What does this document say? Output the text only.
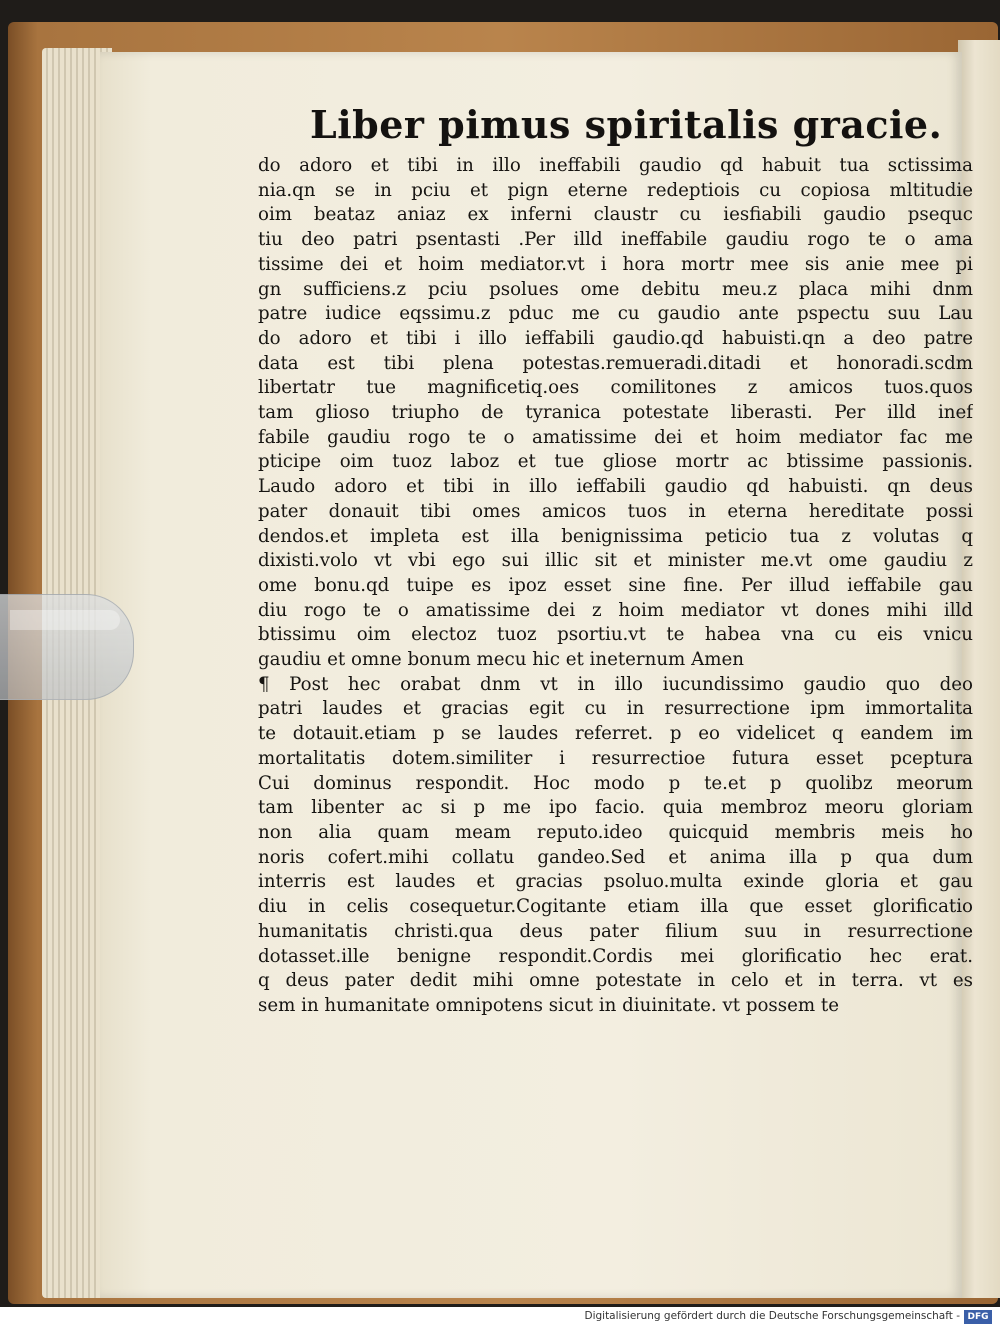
Liber pimus spiritalis gracie.
do adoro et tibi in illo ineffabili gaudio qd habuit tua sctissima
nia.qn se in pciu et pign eterne redeptiois cu copiosa mltitudie
oim beataz aniaz ex inferni claustr cu iesfiabili gaudio psequc
tiu deo patri psentasti .Per illd ineffabile gaudiu rogo te o ama
tissime dei et hoim mediator.vt i hora mortr mee sis anie mee pi
gn sufficiens.z pciu psolues ome debitu meu.z placa mihi dnm
patre iudice eqssimu.z pduc me cu gaudio ante pspectu suu Lau
do adoro et tibi i illo ieffabili gaudio.qd habuisti.qn a deo patre
data est tibi plena potestas.remueradi.ditadi et honoradi.scdm
libertatr tue magnificetiq.oes comilitones z amicos tuos.quos
tam glioso triupho de tyranica potestate liberasti. Per illd inef
fabile gaudiu rogo te o amatissime dei et hoim mediator fac me
pticipe oim tuoz laboz et tue gliose mortr ac btissime passionis.
Laudo adoro et tibi in illo ieffabili gaudio qd habuisti. qn deus
pater donauit tibi omes amicos tuos in eterna hereditate possi
dendos.et impleta est illa benignissima peticio tua z volutas q
dixisti.volo vt vbi ego sui illic sit et minister me.vt ome gaudiu z
ome bonu.qd tuipe es ipoz esset sine fine. Per illud ieffabile gau
diu rogo te o amatissime dei z hoim mediator vt dones mihi illd
btissimu oim electoz tuoz psortiu.vt te habea vna cu eis vnicu
gaudiu et omne bonum mecu hic et ineternum Amen
¶ Post hec orabat dnm vt in illo iucundissimo gaudio quo deo
patri laudes et gracias egit cu in resurrectione ipm immortalita
te dotauit.etiam p se laudes referret. p eo videlicet q eandem im
mortalitatis dotem.similiter i resurrectioe futura esset pceptura
Cui dominus respondit. Hoc modo p te.et p quolibz meorum
tam libenter ac si p me ipo facio. quia membroz meoru gloriam
non alia quam meam reputo.ideo quicquid membris meis ho
noris cofert.mihi collatu gandeo.Sed et anima illa p qua dum
interris est laudes et gracias psoluo.multa exinde gloria et gau
diu in celis cosequetur.Cogitante etiam illa que esset glorificatio
humanitatis christi.qua deus pater filium suu in resurrectione
dotasset.ille benigne respondit.Cordis mei glorificatio hec erat.
q deus pater dedit mihi omne potestate in celo et in terra. vt es
sem in humanitate omnipotens sicut in diuinitate. vt possem te
Digitalisierung gefördert durch die Deutsche Forschungsgemeinschaft - DFG
